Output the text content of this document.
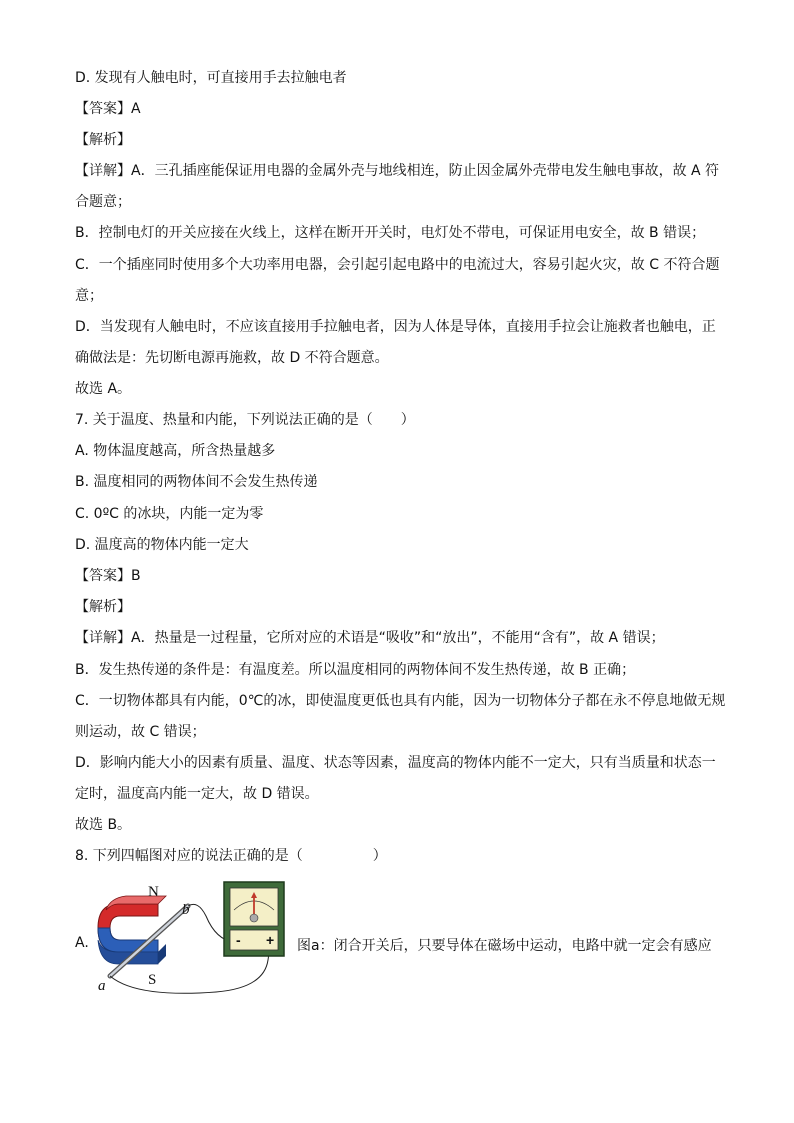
D. 发现有人触电时，可直接用手去拉触电者
【答案】A
【解析】
【详解】A．三孔插座能保证用电器的金属外壳与地线相连，防止因金属外壳带电发生触电事故，故 A 符
合题意；
B．控制电灯的开关应接在火线上，这样在断开开关时，电灯处不带电，可保证用电安全，故 B 错误；
C．一个插座同时使用多个大功率用电器，会引起引起电路中的电流过大，容易引起火灾，故 C 不符合题
意；
D．当发现有人触电时，不应该直接用手拉触电者，因为人体是导体，直接用手拉会让施救者也触电，正
确做法是：先切断电源再施救，故 D 不符合题意。
故选 A。
7. 关于温度、热量和内能，下列说法正确的是（　　）
A. 物体温度越高，所含热量越多
B. 温度相同的两物体间不会发生热传递
C. 0ºC 的冰块，内能一定为零
D. 温度高的物体内能一定大
【答案】B
【解析】
【详解】A．热量是一过程量，它所对应的术语是“吸收”和“放出”，不能用“含有”，故 A 错误；
B．发生热传递的条件是：有温度差。所以温度相同的两物体间不发生热传递，故 B 正确；
C．一切物体都具有内能，0℃的冰，即使温度更低也具有内能，因为一切物体分子都在永不停息地做无规
则运动，故 C 错误；
D．影响内能大小的因素有质量、温度、状态等因素，温度高的物体内能不一定大，只有当质量和状态一
定时，温度高内能一定大，故 D 错误。
故选 B。
8. 下列四幅图对应的说法正确的是（　　　　　）
A.
N
S
a
b
- + 图a：闭合开关后，只要导体在磁场中运动，电路中就一定会有感应
